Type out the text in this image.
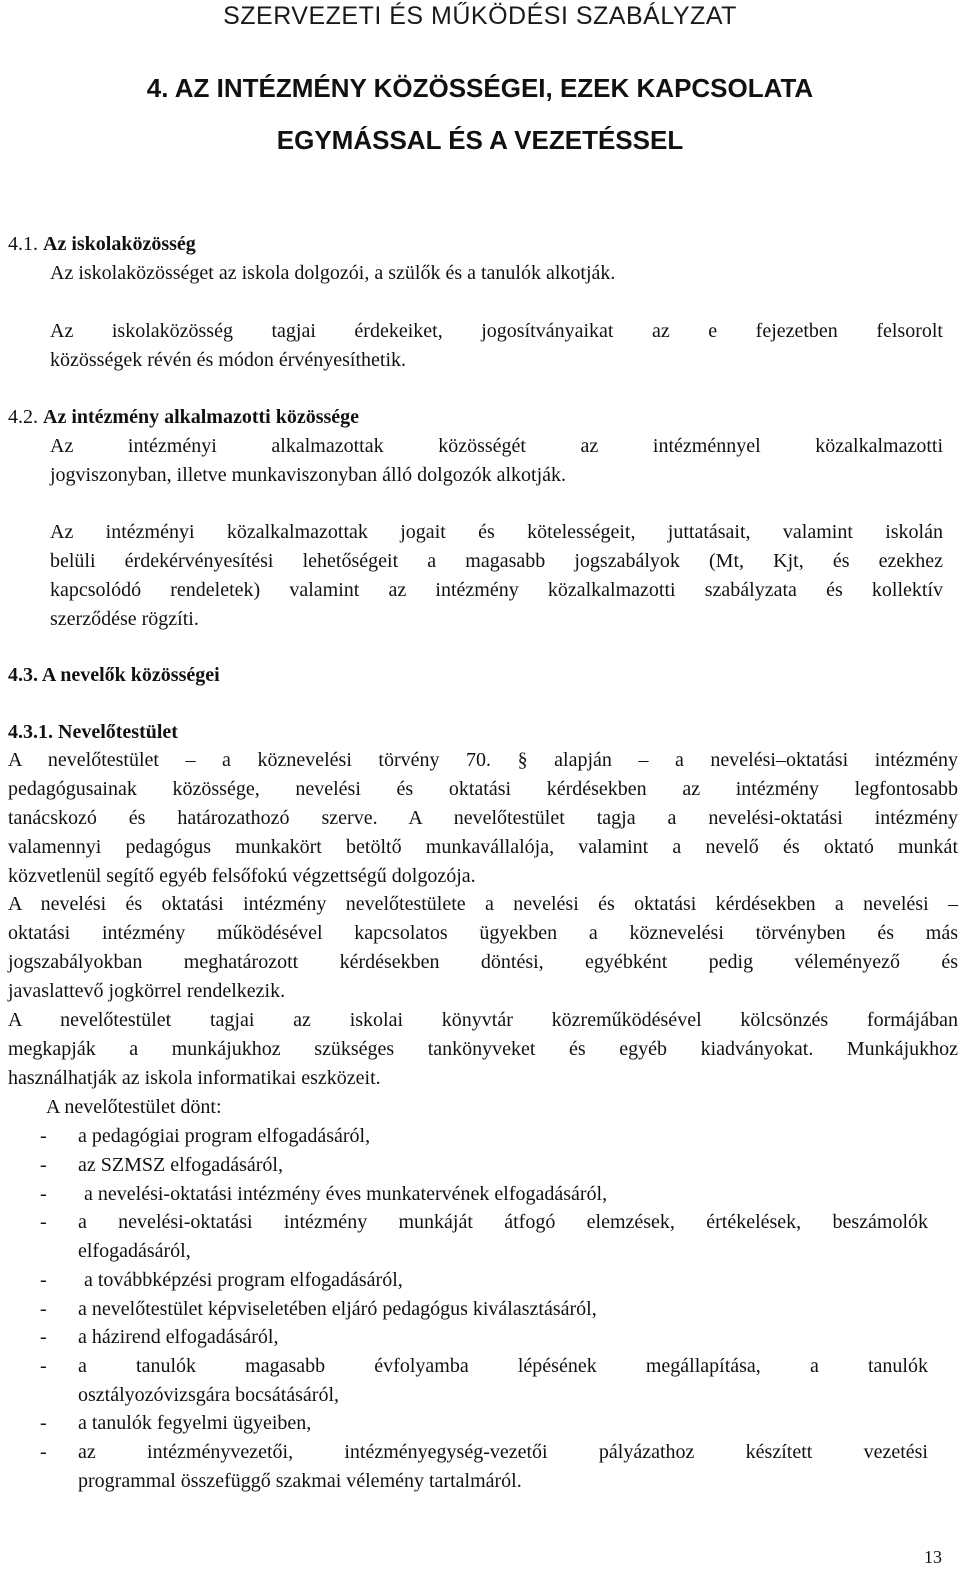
SZERVEZETI ÉS MŰKÖDÉSI SZABÁLYZAT
4. AZ INTÉZMÉNY KÖZÖSSÉGEI, EZEK KAPCSOLATA
EGYMÁSSAL ÉS A VEZETÉSSEL
4.1. Az iskolaközösség
Az iskolaközösséget az iskola dolgozói, a szülők és a tanulók alkotják.
Az iskolaközösség tagjai érdekeiket, jogosítványaikat az e fejezetben felsorolt
közösségek révén és módon érvényesíthetik.
4.2. Az intézmény alkalmazotti közössége
Az intézményi alkalmazottak közösségét az intézménnyel közalkalmazotti
jogviszonyban, illetve munkaviszonyban álló dolgozók alkotják.
Az intézményi közalkalmazottak jogait és kötelességeit, juttatásait, valamint iskolán
belüli érdekérvényesítési lehetőségeit a magasabb jogszabályok (Mt, Kjt, és ezekhez
kapcsolódó rendeletek) valamint az intézmény közalkalmazotti szabályzata és kollektív
szerződése rögzíti.
4.3. A nevelők közösségei
4.3.1. Nevelőtestület
A nevelőtestület – a köznevelési törvény 70. § alapján – a nevelési–oktatási intézmény
pedagógusainak közössége, nevelési és oktatási kérdésekben az intézmény legfontosabb
tanácskozó és határozathozó szerve. A nevelőtestület tagja a nevelési-oktatási intézmény
valamennyi pedagógus munkakört betöltő munkavállalója, valamint a nevelő és oktató munkát
közvetlenül segítő egyéb felsőfokú végzettségű dolgozója.
A nevelési és oktatási intézmény nevelőtestülete a nevelési és oktatási kérdésekben a nevelési –
oktatási intézmény működésével kapcsolatos ügyekben a köznevelési törvényben és más
jogszabályokban meghatározott kérdésekben döntési, egyébként pedig véleményező és
javaslattevő jogkörrel rendelkezik.
A nevelőtestület tagjai az iskolai könyvtár közreműködésével kölcsönzés formájában
megkapják a munkájukhoz szükséges tankönyveket és egyéb kiadványokat. Munkájukhoz
használhatják az iskola informatikai eszközeit.
A nevelőtestület dönt:
- a pedagógiai program elfogadásáról,
- az SZMSZ elfogadásáról,
- a nevelési-oktatási intézmény éves munkatervének elfogadásáról,
- a nevelési-oktatási intézmény munkáját átfogó elemzések, értékelések, beszámolók
elfogadásáról,
- a továbbképzési program elfogadásáról,
- a nevelőtestület képviseletében eljáró pedagógus kiválasztásáról,
- a házirend elfogadásáról,
- a tanulók magasabb évfolyamba lépésének megállapítása, a tanulók
osztályozóvizsgára bocsátásáról,
- a tanulók fegyelmi ügyeiben,
- az intézményvezetői, intézményegység-vezetői pályázathoz készített vezetési
programmal összefüggő szakmai vélemény tartalmáról.
13
